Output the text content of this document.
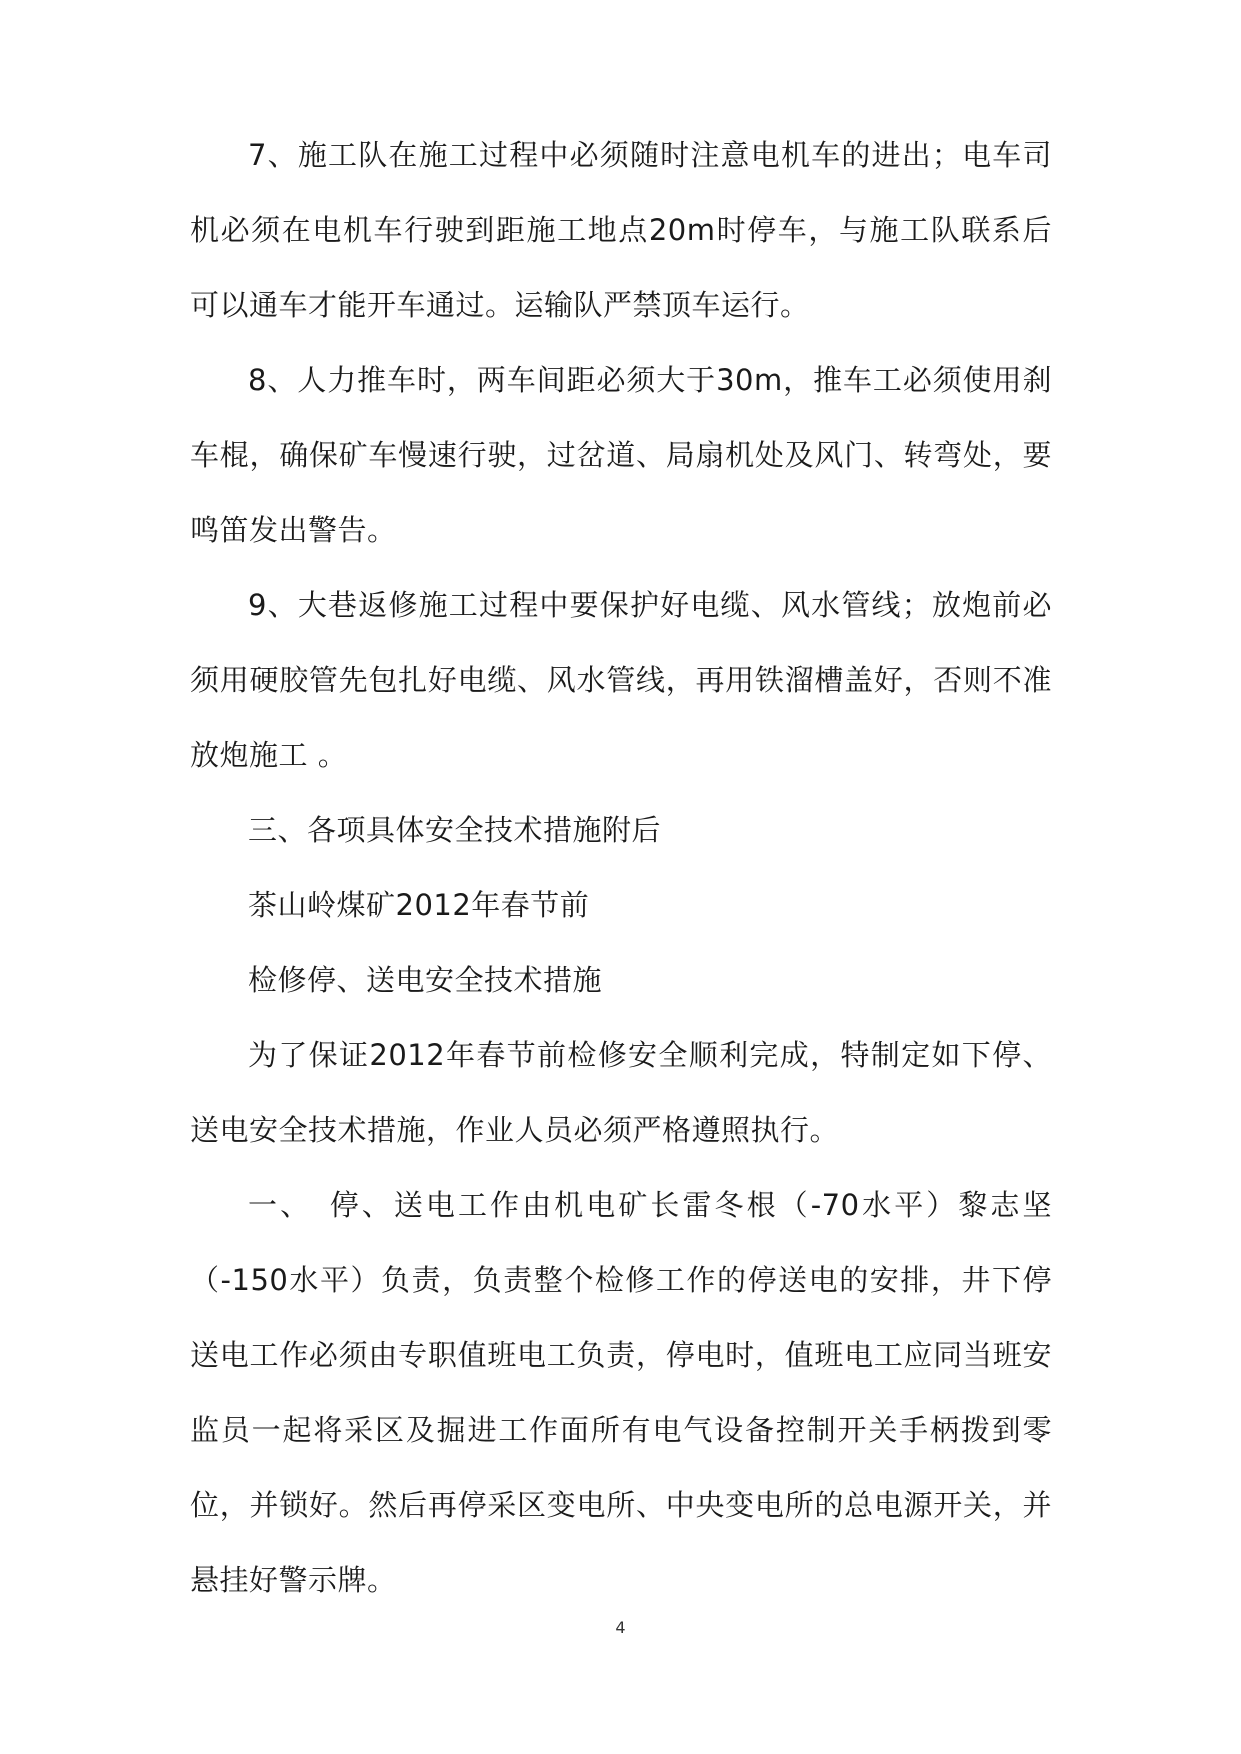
7、施工队在施工过程中必须随时注意电机车的进出；电车司机必须在电机车行驶到距施工地点20m时停车，与施工队联系后可以通车才能开车通过。运输队严禁顶车运行。

8、人力推车时，两车间距必须大于30m，推车工必须使用刹车棍，确保矿车慢速行驶，过岔道、局扇机处及风门、转弯处，要鸣笛发出警告。

9、大巷返修施工过程中要保护好电缆、风水管线；放炮前必须用硬胶管先包扎好电缆、风水管线，再用铁溜槽盖好，否则不准放炮施工 。

三、各项具体安全技术措施附后

茶山岭煤矿2012年春节前

检修停、送电安全技术措施

为了保证2012年春节前检修安全顺利完成，特制定如下停、送电安全技术措施，作业人员必须严格遵照执行。

一、　停、送电工作由机电矿长雷冬根（-70水平）黎志坚（-150水平）负责，负责整个检修工作的停送电的安排，井下停送电工作必须由专职值班电工负责，停电时，值班电工应同当班安监员一起将采区及掘进工作面所有电气设备控制开关手柄拨到零位，并锁好。然后再停采区变电所、中央变电所的总电源开关，并悬挂好警示牌。

4
